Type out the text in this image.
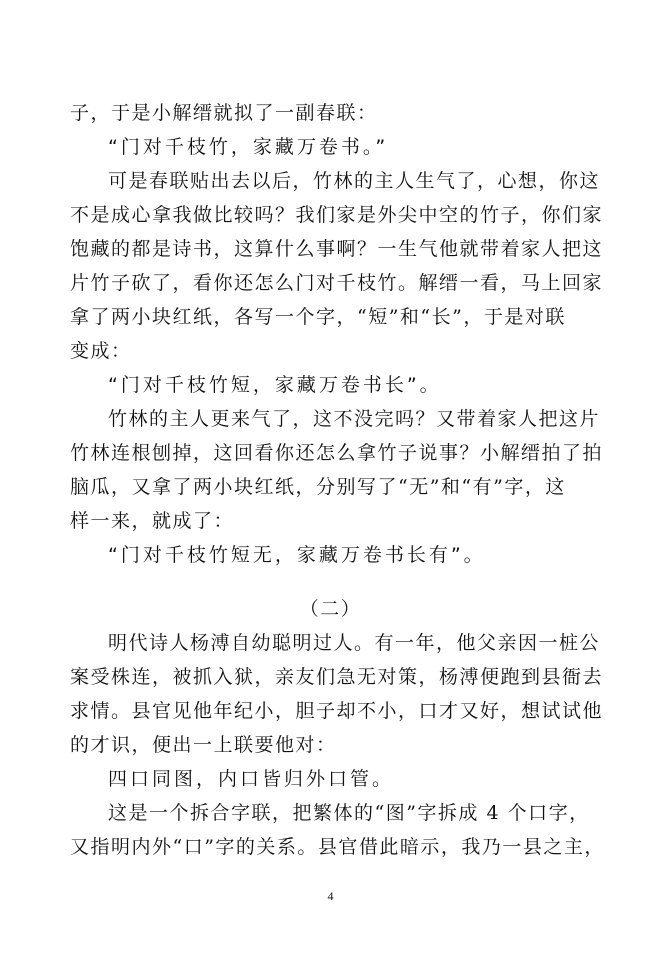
子，于是小解缙就拟了一副春联：
“门对千枝竹，家藏万卷书。”
可是春联贴出去以后，竹林的主人生气了，心想，你这
不是成心拿我做比较吗？我们家是外尖中空的竹子，你们家
饱藏的都是诗书，这算什么事啊？一生气他就带着家人把这
片竹子砍了，看你还怎么门对千枝竹。解缙一看，马上回家
拿了两小块红纸，各写一个字，“短”和“长”，于是对联
变成：
“门对千枝竹短，家藏万卷书长”。
竹林的主人更来气了，这不没完吗？又带着家人把这片
竹林连根刨掉，这回看你还怎么拿竹子说事？小解缙拍了拍
脑瓜，又拿了两小块红纸，分别写了“无”和“有”字，这
样一来，就成了：
“门对千枝竹短无，家藏万卷书长有”。
（二）
明代诗人杨溥自幼聪明过人。有一年，他父亲因一桩公
案受株连，被抓入狱，亲友们急无对策，杨溥便跑到县衙去
求情。县官见他年纪小，胆子却不小，口才又好，想试试他
的才识，便出一上联要他对：
四口同图，内口皆归外口管。
这是一个拆合字联，把繁体的“图”字拆成 4 个口字，
又指明内外“口”字的关系。县官借此暗示，我乃一县之主，
4
